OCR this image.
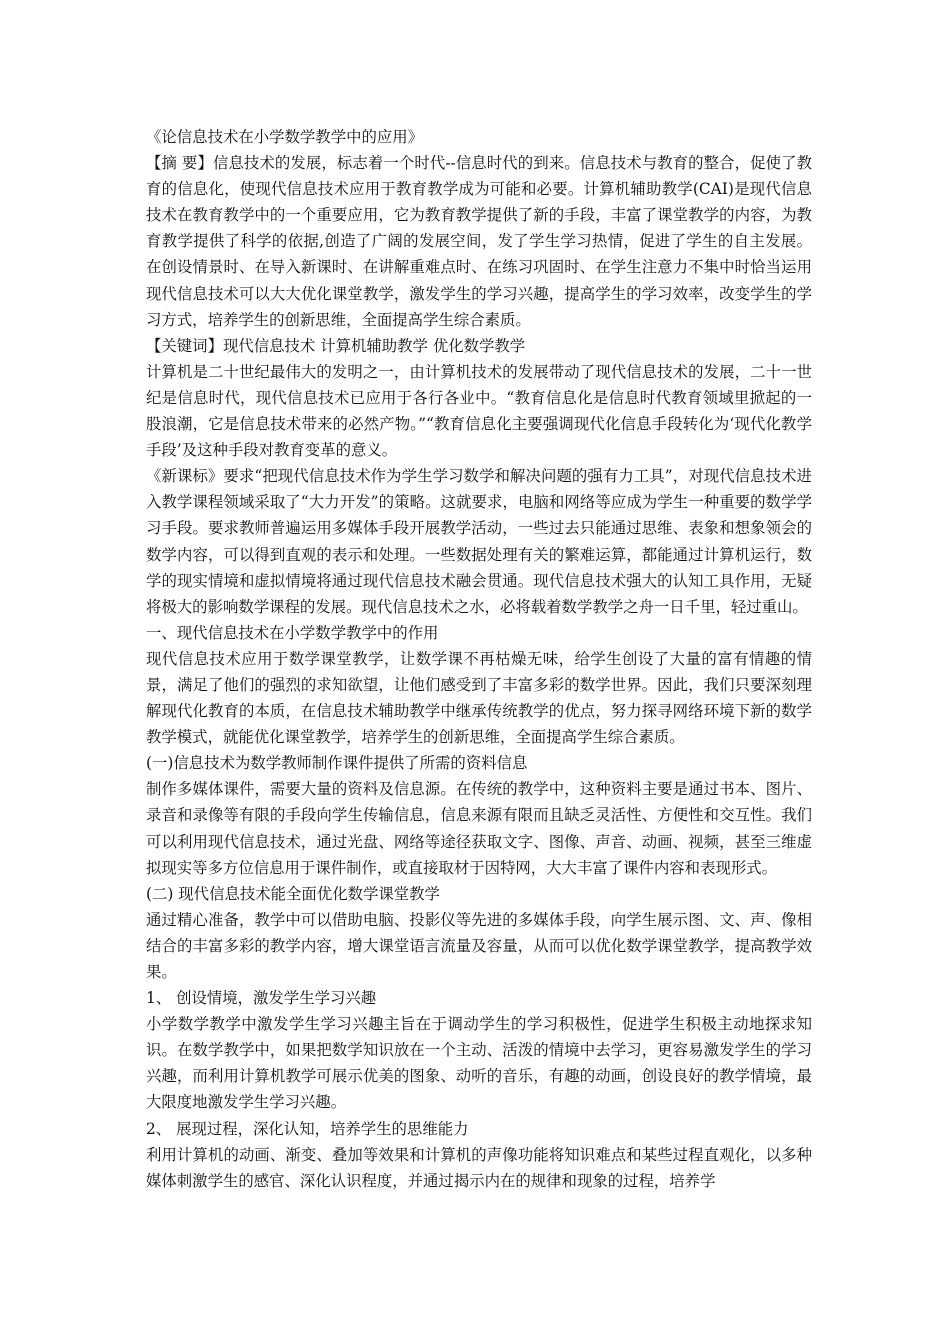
《论信息技术在小学数学教学中的应用》

【摘 要】信息技术的发展，标志着一个时代--信息时代的到来。信息技术与教育的整合，促使了教育的信息化，使现代信息技术应用于教育教学成为可能和必要。计算机辅助教学(CAI)是现代信息技术在教育教学中的一个重要应用，它为教育教学提供了新的手段，丰富了课堂教学的内容，为教育教学提供了科学的依据,创造了广阔的发展空间，发了学生学习热情，促进了学生的自主发展。在创设情景时、在导入新课时、在讲解重难点时、在练习巩固时、在学生注意力不集中时恰当运用现代信息技术可以大大优化课堂教学，激发学生的学习兴趣，提高学生的学习效率，改变学生的学习方式，培养学生的创新思维，全面提高学生综合素质。

【关键词】现代信息技术 计算机辅助教学 优化数学教学

计算机是二十世纪最伟大的发明之一，由计算机技术的发展带动了现代信息技术的发展，二十一世纪是信息时代，现代信息技术已应用于各行各业中。“教育信息化是信息时代教育领域里掀起的一股浪潮，它是信息技术带来的必然产物。”“教育信息化主要强调现代化信息手段转化为‘现代化教学手段’及这种手段对教育变革的意义。

《新课标》要求“把现代信息技术作为学生学习数学和解决问题的强有力工具”，对现代信息技术进入教学课程领域采取了“大力开发”的策略。这就要求，电脑和网络等应成为学生一种重要的数学学习手段。要求教师普遍运用多媒体手段开展教学活动，一些过去只能通过思维、表象和想象领会的数学内容，可以得到直观的表示和处理。一些数据处理有关的繁难运算，都能通过计算机运行，数学的现实情境和虚拟情境将通过现代信息技术融会贯通。现代信息技术强大的认知工具作用，无疑将极大的影响数学课程的发展。现代信息技术之水，必将载着数学教学之舟一日千里，轻过重山。

一、现代信息技术在小学数学教学中的作用

现代信息技术应用于数学课堂教学，让数学课不再枯燥无味，给学生创设了大量的富有情趣的情景，满足了他们的强烈的求知欲望，让他们感受到了丰富多彩的数学世界。因此，我们只要深刻理解现代化教育的本质，在信息技术辅助教学中继承传统教学的优点，努力探寻网络环境下新的数学教学模式，就能优化课堂教学，培养学生的创新思维，全面提高学生综合素质。

(一)信息技术为数学教师制作课件提供了所需的资料信息

制作多媒体课件，需要大量的资料及信息源。在传统的教学中，这种资料主要是通过书本、图片、录音和录像等有限的手段向学生传输信息，信息来源有限而且缺乏灵活性、方便性和交互性。我们可以利用现代信息技术，通过光盘、网络等途径获取文字、图像、声音、动画、视频，甚至三维虚拟现实等多方位信息用于课件制作，或直接取材于因特网，大大丰富了课件内容和表现形式。

(二) 现代信息技术能全面优化数学课堂教学

通过精心准备，教学中可以借助电脑、投影仪等先进的多媒体手段，向学生展示图、文、声、像相结合的丰富多彩的教学内容，增大课堂语言流量及容量，从而可以优化数学课堂教学，提高教学效果。

1、 创设情境，激发学生学习兴趣

小学数学教学中激发学生学习兴趣主旨在于调动学生的学习积极性，促进学生积极主动地探求知识。在数学教学中，如果把数学知识放在一个主动、活泼的情境中去学习，更容易激发学生的学习兴趣，而利用计算机教学可展示优美的图象、动听的音乐，有趣的动画，创设良好的教学情境，最大限度地激发学生学习兴趣。

2、 展现过程，深化认知，培养学生的思维能力

利用计算机的动画、渐变、叠加等效果和计算机的声像功能将知识难点和某些过程直观化，以多种媒体刺激学生的感官、深化认识程度，并通过揭示内在的规律和现象的过程，培养学
